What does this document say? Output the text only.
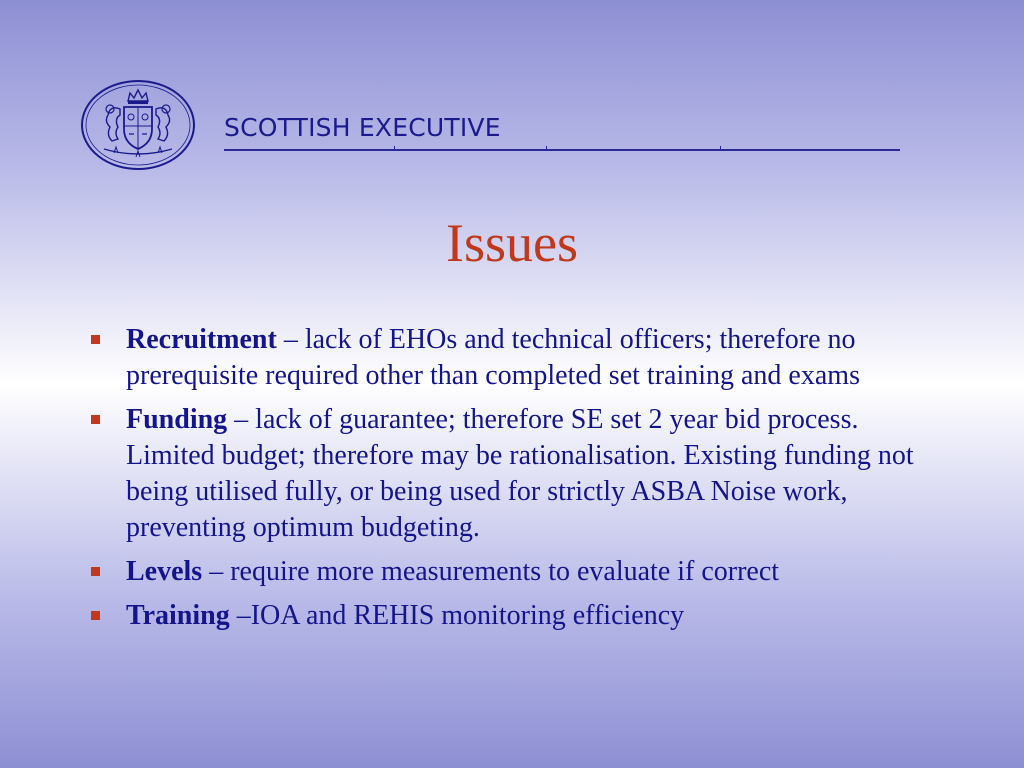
SCOTTISH EXECUTIVE
Issues
Recruitment – lack of EHOs and technical officers; therefore no prerequisite required other than completed set training and exams
Funding – lack of guarantee; therefore SE set 2 year bid process. Limited budget; therefore may be rationalisation. Existing funding not being utilised fully, or being used for strictly ASBA Noise work, preventing optimum budgeting.
Levels – require more measurements to evaluate if correct
Training –IOA and REHIS monitoring efficiency
